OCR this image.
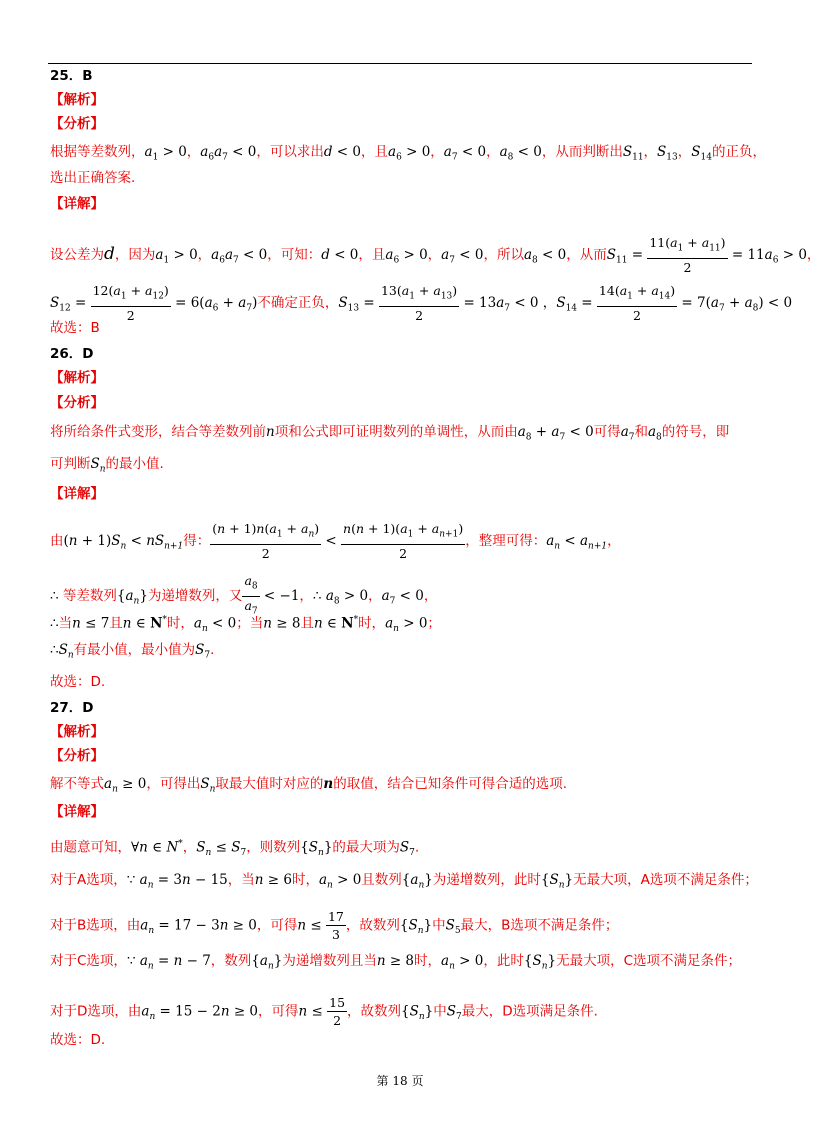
25．B
【解析】
【分析】
根据等差数列，$a_1 > 0$，$a_6a_7 < 0$，可以求出d < 0，且$a_6 > 0$，$a_7 < 0$，$a_8 < 0$，从而判断出$S_{11}$，$S_{13}$，$S_{14}$的正负，
选出正确答案.
【详解】
设公差为d，因为$a_1 > 0$，$a_6a_7 < 0$，可知：d < 0，且$a_6 > 0$，$a_7 < 0$，所以$a_8 < 0$，从而$S_{11} = \frac{11(a_1 + a_{11})}{2} = 11a_6 > 0$，
$S_{12} = \frac{12(a_1 + a_{12})}{2} = 6(a_6 + a_7)$不确定正负，$S_{13} = \frac{13(a_1 + a_{13})}{2} = 13a_7 < 0$ ，$S_{14} = \frac{14(a_1 + a_{14})}{2} = 7(a_7 + a_8) < 0$
故选：B
26．D
【解析】
【分析】
将所给条件式变形，结合等差数列前n项和公式即可证明数列的单调性，从而由$a_8 + a_7 < 0$可得$a_7$和$a_8$的符号，即
可判断$S_n$的最小值.
【详解】
由$(n + 1)S_n < nS_{n+1}$得： $\frac{(n + 1)n(a_1 + a_n)}{2} < \frac{n(n + 1)(a_1 + a_{n+1})}{2}$ ，整理可得：$a_n < a_{n+1}$，
∴ 等差数列$\{a_n\}$为递增数列，又 $\frac{a_8}{a_7} < -1$，∴ $a_8 > 0$，$a_7 < 0$，
∴当n ≤ 7且n ∈ N*时，$a_n < 0$；当n ≥ 8且n ∈ N*时，$a_n > 0$；
$\therefore S_n$有最小值，最小值为$S_7$.
故选：D.
27．D
【解析】
【分析】
解不等式$a_n \ge 0$，可得出$S_n$取最大值时对应的n的取值，结合已知条件可得合适的选项.
【详解】
由题意可知，∀n ∈ N*，$S_n \le S_7$，则数列$\{S_n\}$的最大项为$S_7$.
对于A选项，∵ $a_n = 3n - 15$，当n ≥ 6时，$a_n > 0$且数列$\{a_n\}$为递增数列，此时$\{S_n\}$无最大项，A选项不满足条件；
对于B选项，由$a_n = 17 - 3n \ge 0$，可得$n \le \frac{17}{3}$ ，故数列$\{S_n\}$中$S_5$最大，B选项不满足条件；
对于C选项，∵ $a_n = n - 7$，数列$\{a_n\}$为递增数列且当n ≥ 8时，$a_n > 0$，此时$\{S_n\}$无最大项，C选项不满足条件；
对于D选项，由$a_n = 15 - 2n \ge 0$，可得$n \le \frac{15}{2}$ ，故数列$\{S_n\}$中$S_7$最大，D选项满足条件.
故选：D.
第 18 页
